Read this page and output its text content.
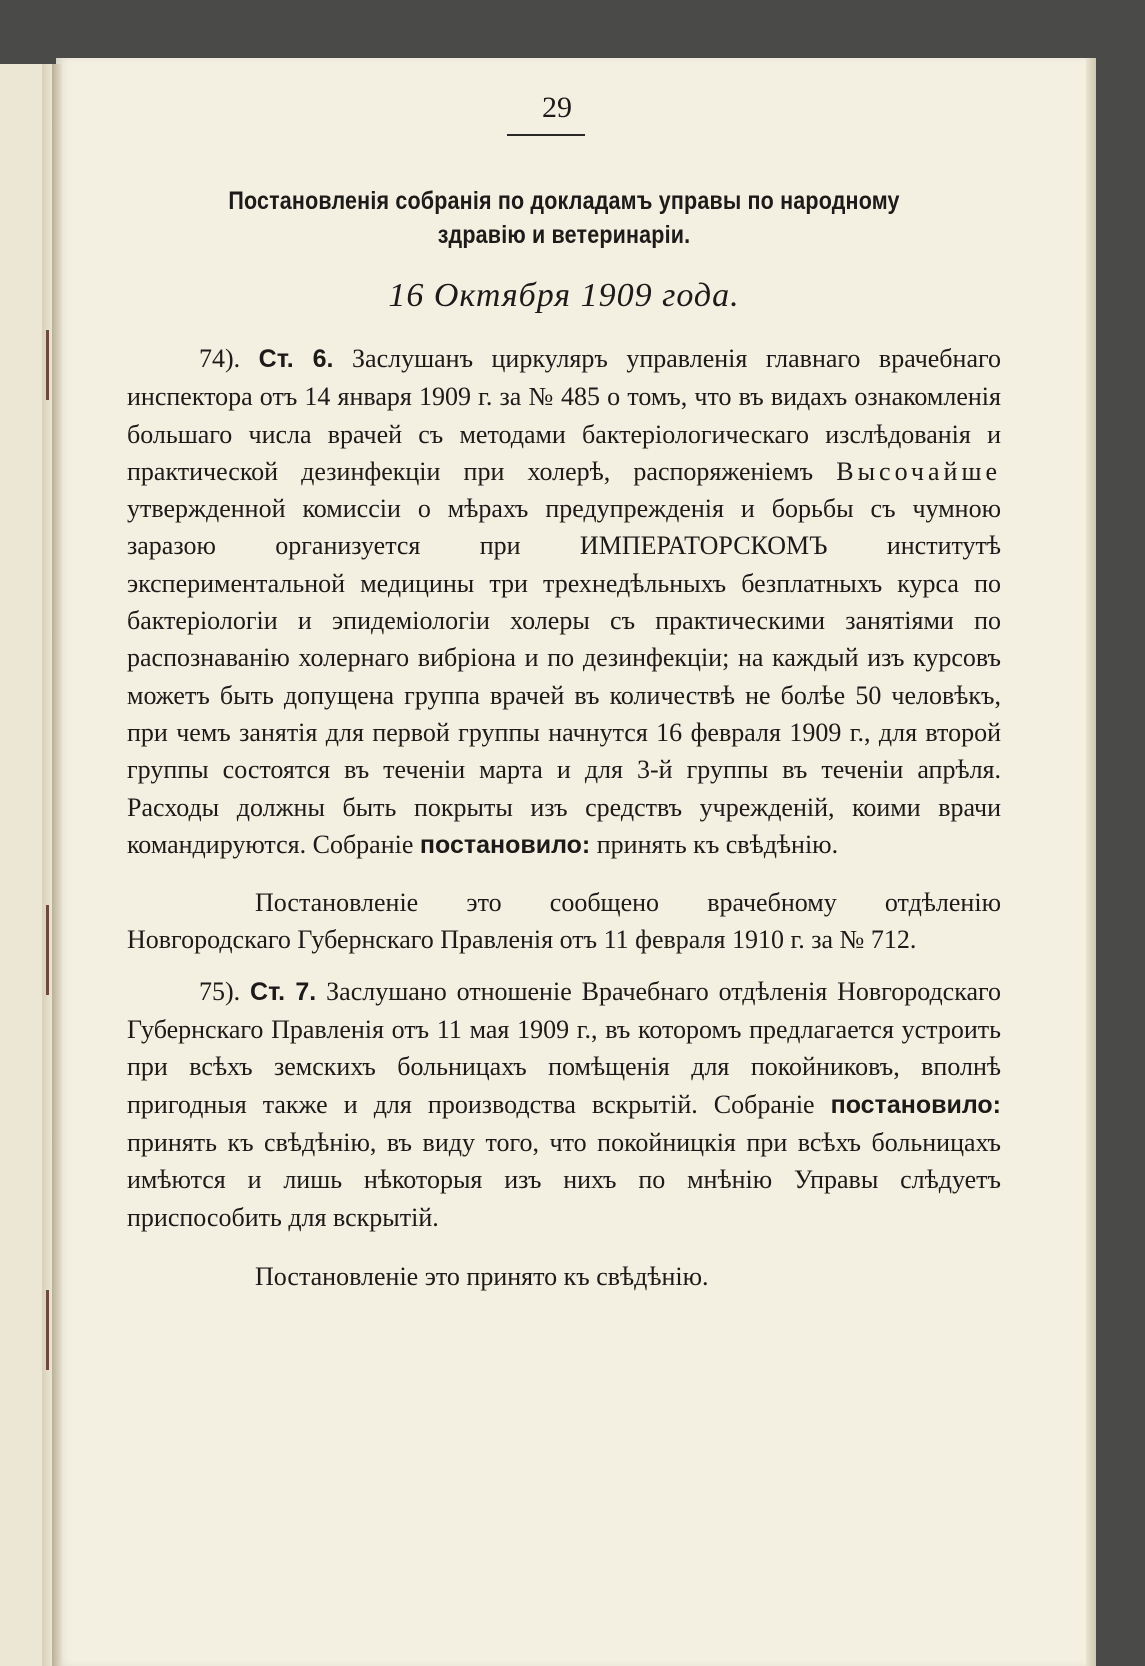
29
Постановленія собранія по докладамъ управы по народному
здравію и ветеринаріи.
16 Октября 1909 года.

74). Ст. 6. Заслушанъ циркуляръ управленія главнаго врачебнаго инспектора отъ 14 января 1909 г. за № 485 о томъ, что въ видахъ ознакомленія большаго числа врачей съ методами бактеріологическаго изслѣдованія и практической дезинфекціи при холерѣ, распоряженіемъ Высочайше утвержденной комиссіи о мѣрахъ предупрежденія и борьбы съ чумною заразою организуется при ИМПЕРАТОРСКОМЪ институтѣ экспериментальной медицины три трехнедѣльныхъ безплатныхъ курса по бактеріологіи и эпидеміологіи холеры съ практическими занятіями по распознаванію холернаго вибріона и по дезинфекціи; на каждый изъ курсовъ можетъ быть допущена группа врачей въ количествѣ не болѣе 50 человѣкъ, при чемъ занятія для первой группы начнутся 16 февраля 1909 г., для второй группы состоятся въ теченіи марта и для 3-й группы въ теченіи апрѣля. Расходы должны быть покрыты изъ средствъ учрежденій, коими врачи командируются. Собраніе постановило: принять къ свѣдѣнію.

Постановленіе это сообщено врачебному отдѣленію Новгородскаго Губернскаго Правленія отъ 11 февраля 1910 г. за № 712.

75). Ст. 7. Заслушано отношеніе Врачебнаго отдѣленія Новгородскаго Губернскаго Правленія отъ 11 мая 1909 г., въ которомъ предлагается устроить при всѣхъ земскихъ больницахъ помѣщенія для покойниковъ, вполнѣ пригодныя также и для производства вскрытій. Собраніе постановило: принять къ свѣдѣнію, въ виду того, что покойницкія при всѣхъ больницахъ имѣются и лишь нѣкоторыя изъ нихъ по мнѣнію Управы слѣдуетъ приспособить для вскрытій.

Постановленіе это принято къ свѣдѣнію.
